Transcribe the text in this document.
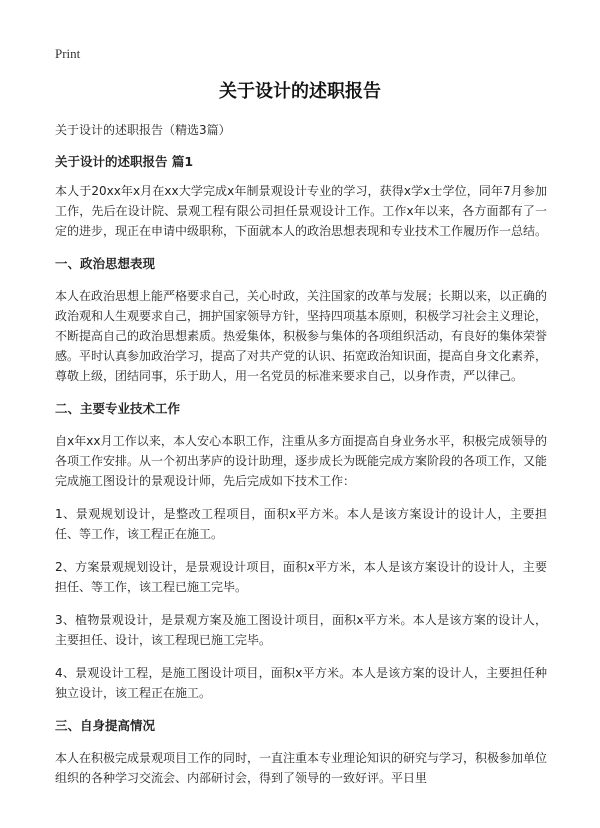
Print
关于设计的述职报告

关于设计的述职报告（精选3篇）

关于设计的述职报告 篇1

本人于20xx年x月在xx大学完成x年制景观设计专业的学习，获得x学x士学位，同年7月参加工作，先后在设计院、景观工程有限公司担任景观设计工作。工作x年以来，各方面都有了一定的进步，现正在申请中级职称，下面就本人的政治思想表现和专业技术工作履历作一总结。

一、政治思想表现

本人在政治思想上能严格要求自己，关心时政，关注国家的改革与发展；长期以来，以正确的政治观和人生观要求自己，拥护国家领导方针，坚持四项基本原则，积极学习社会主义理论，不断提高自己的政治思想素质。热爱集体，积极参与集体的各项组织活动，有良好的集体荣誉感。平时认真参加政治学习，提高了对共产党的认识、拓宽政治知识面，提高自身文化素养，尊敬上级，团结同事，乐于助人，用一名党员的标准来要求自己，以身作责，严以律己。

二、主要专业技术工作

自x年xx月工作以来，本人安心本职工作，注重从多方面提高自身业务水平，积极完成领导的各项工作安排。从一个初出茅庐的设计助理，逐步成长为既能完成方案阶段的各项工作，又能完成施工图设计的景观设计师，先后完成如下技术工作：

1、景观规划设计，是整改工程项目，面积x平方米。本人是该方案设计的设计人，主要担任、等工作，该工程正在施工。

2、方案景观规划设计，是景观设计项目，面积x平方米，本人是该方案设计的设计人，主要担任、等工作，该工程已施工完毕。

3、植物景观设计，是景观方案及施工图设计项目，面积x平方米。本人是该方案的设计人，主要担任、设计，该工程现已施工完毕。

4、景观设计工程，是施工图设计项目，面积x平方米。本人是该方案的设计人，主要担任种独立设计，该工程正在施工。

三、自身提高情况

本人在积极完成景观项目工作的同时，一直注重本专业理论知识的研究与学习，积极参加单位组织的各种学习交流会、内部研讨会，得到了领导的一致好评。平日里
